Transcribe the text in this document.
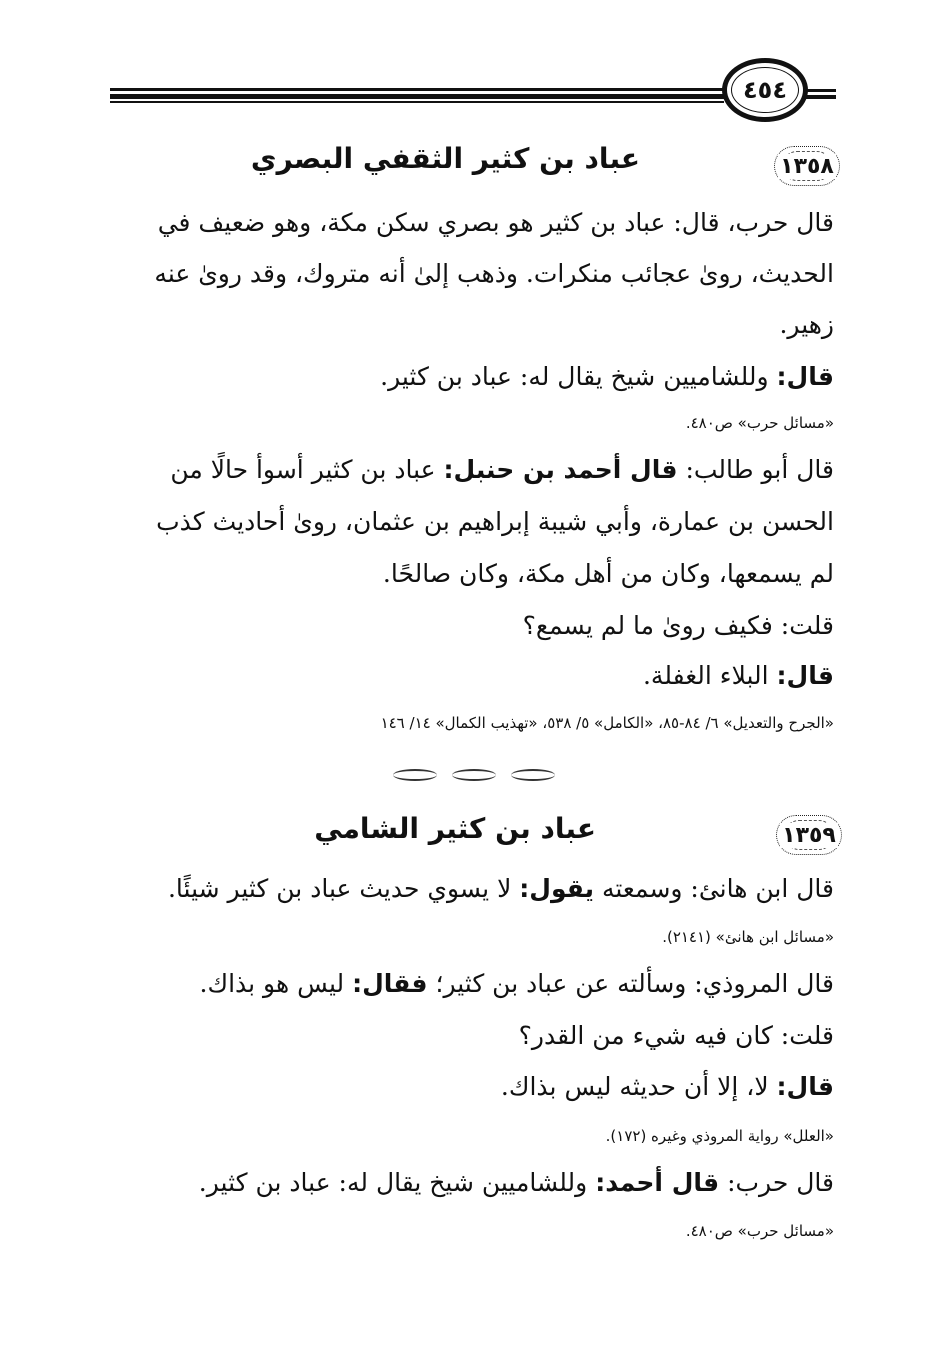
٤٥٤
١٣٥٨
عباد بن كثير الثقفي البصري
قال حرب، قال: عباد بن كثير هو بصري سكن مكة، وهو ضعيف في
الحديث، روىٰ عجائب منكرات. وذهب إلىٰ أنه متروك، وقد روىٰ عنه
زهير.
قال: وللشاميين شيخ يقال له: عباد بن كثير.
«مسائل حرب» ص٤٨٠.
قال أبو طالب: قال أحمد بن حنبل: عباد بن كثير أسوأ حالًا من
الحسن بن عمارة، وأبي شيبة إبراهيم بن عثمان، روىٰ أحاديث كذب
لم يسمعها، وكان من أهل مكة، وكان صالحًا.
قلت: فكيف روىٰ ما لم يسمع؟
قال: البلاء الغفلة.
«الجرح والتعديل» ٦/ ٨٤-٨٥، «الكامل» ٥/ ٥٣٨، «تهذيب الكمال» ١٤/ ١٤٦
١٣٥٩
عباد بن كثير الشامي
قال ابن هانئ: وسمعته يقول: لا يسوي حديث عباد بن كثير شيئًا.
«مسائل ابن هانئ» (٢١٤١).
قال المروذي: وسألته عن عباد بن كثير؛ فقال: ليس هو بذاك.
قلت: كان فيه شيء من القدر؟
قال: لا، إلا أن حديثه ليس بذاك.
«العلل» رواية المروذي وغيره (١٧٢).
قال حرب: قال أحمد: وللشاميين شيخ يقال له: عباد بن كثير.
«مسائل حرب» ص٤٨٠.
